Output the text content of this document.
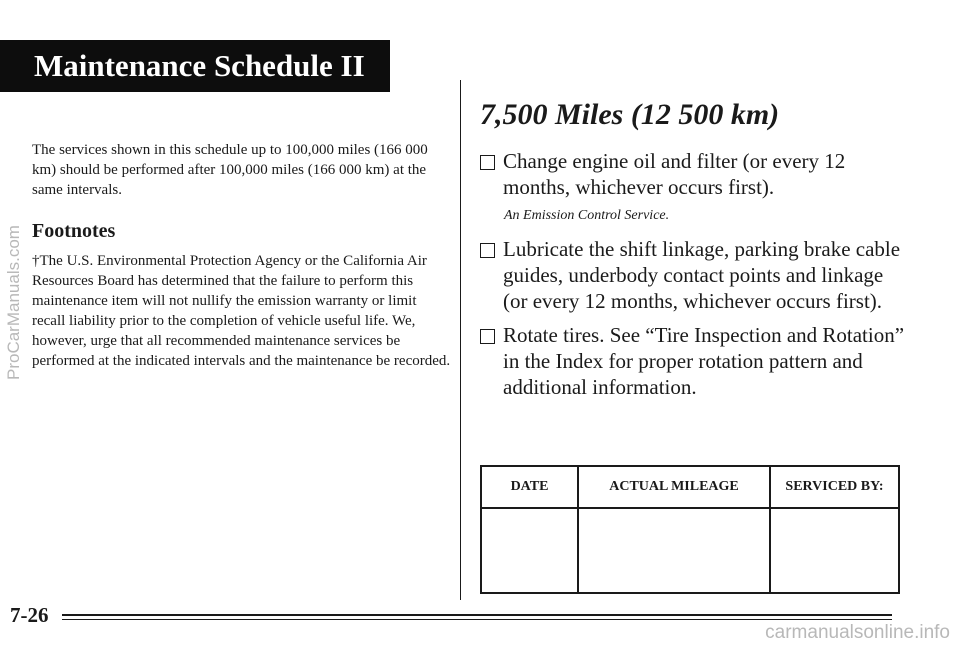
Maintenance Schedule II

The services shown in this schedule up to 100,000 miles (166 000 km) should be performed after 100,000 miles (166 000 km) at the same intervals.

Footnotes

†The U.S. Environmental Protection Agency or the California Air Resources Board has determined that the failure to perform this maintenance item will not nullify the emission warranty or limit recall liability prior to the completion of vehicle useful life. We, however, urge that all recommended maintenance services be performed at the indicated intervals and the maintenance be recorded.

7,500 Miles (12 500 km)
Change engine oil and filter (or every 12 months, whichever occurs first).
An Emission Control Service.
Lubricate the shift linkage, parking brake cable guides, underbody contact points and linkage (or every 12 months, whichever occurs first).
Rotate tires. See “Tire Inspection and Rotation” in the Index for proper rotation pattern and additional information.
DATE	ACTUAL MILEAGE	SERVICED BY:

7-26
ProCarManuals.com
carmanualsonline.info
